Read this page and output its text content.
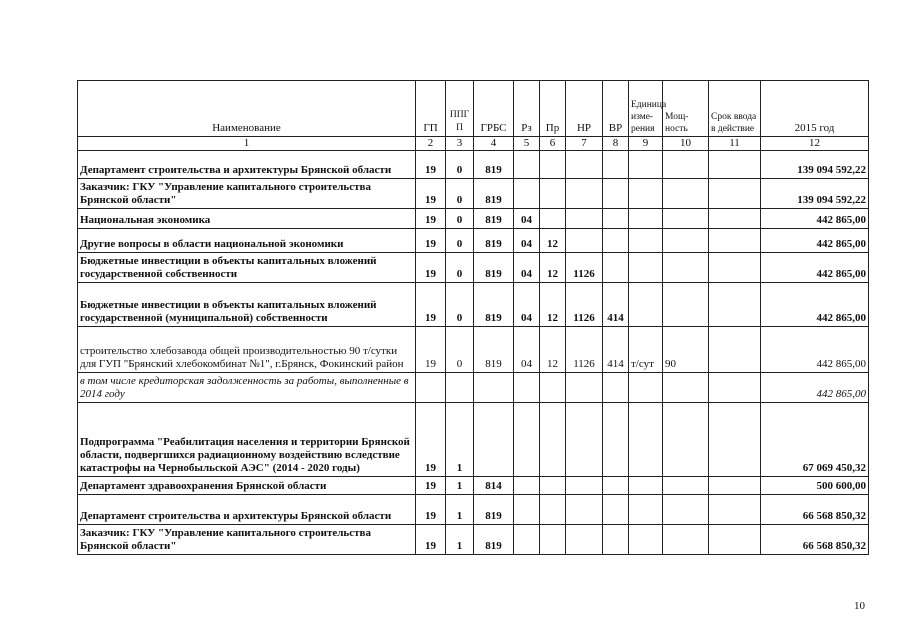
Наименование	ГП	ППГП	ГРБС	Рз	Пр	НР	ВР	Единица изме-рения	Мощ-ность	Срок ввода в действие	2015 год
1	2	3	4	5	6	7	8	9	10	11	12
Департамент строительства и архитектуры Брянской области	19	0	819								139 094 592,22
Заказчик: ГКУ "Управление капитального строительства Брянской области"	19	0	819								139 094 592,22
Национальная экономика	19	0	819	04							442 865,00
Другие вопросы в области национальной экономики	19	0	819	04	12						442 865,00
Бюджетные инвестиции в объекты капитальных вложений государственной собственности	19	0	819	04	12	1126					442 865,00
Бюджетные инвестиции в объекты капитальных вложений государственной (муниципальной) собственности	19	0	819	04	12	1126	414				442 865,00
строительство хлебозавода общей производительностью 90 т/сутки для ГУП "Брянский хлебокомбинат №1", г.Брянск, Фокинский район	19	0	819	04	12	1126	414	т/сут	90		442 865,00
в том числе кредиторская задолженность за работы, выполненные в 2014 году											442 865,00
Подпрограмма "Реабилитация населения и территории Брянской области, подвергшихся радиационному воздействию вследствие катастрофы на Чернобыльской АЭС" (2014 - 2020 годы)	19	1									67 069 450,32
Департамент здравоохранения Брянской области	19	1	814								500 600,00
Департамент строительства и архитектуры Брянской области	19	1	819								66 568 850,32
Заказчик: ГКУ "Управление капитального строительства Брянской области"	19	1	819								66 568 850,32
10
